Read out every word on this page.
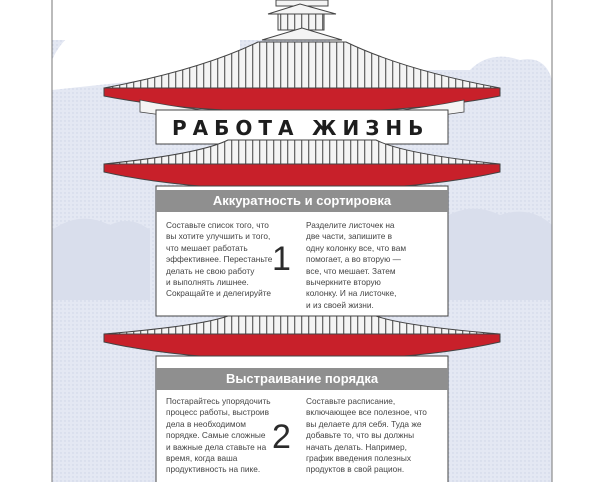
РАБОТА ЖИЗНЬ
Аккуратность и сортировка
Составьте список того, что
вы хотите улучшить и того,
что мешает работать
эффективнее. Перестаньте
делать не свою работу
и выполнять лишнее.
Сокращайте и делегируйте
1
Разделите листочек на
две части, запишите в
одну колонку все, что вам
помогает, а во вторую —
все, что мешает. Затем
вычеркните вторую
колонку. И на листочке,
и из своей жизни.
Выстраивание порядка
Постарайтесь упорядочить
процесс работы, выстроив
дела в необходимом
порядке. Самые сложные
и важные дела ставьте на
время, когда ваша
продуктивность на пике.
2
Составьте расписание,
включающее все полезное, что
вы делаете для себя. Туда же
добавьте то, что вы должны
начать делать. Например,
график введения полезных
продуктов в свой рацион.
